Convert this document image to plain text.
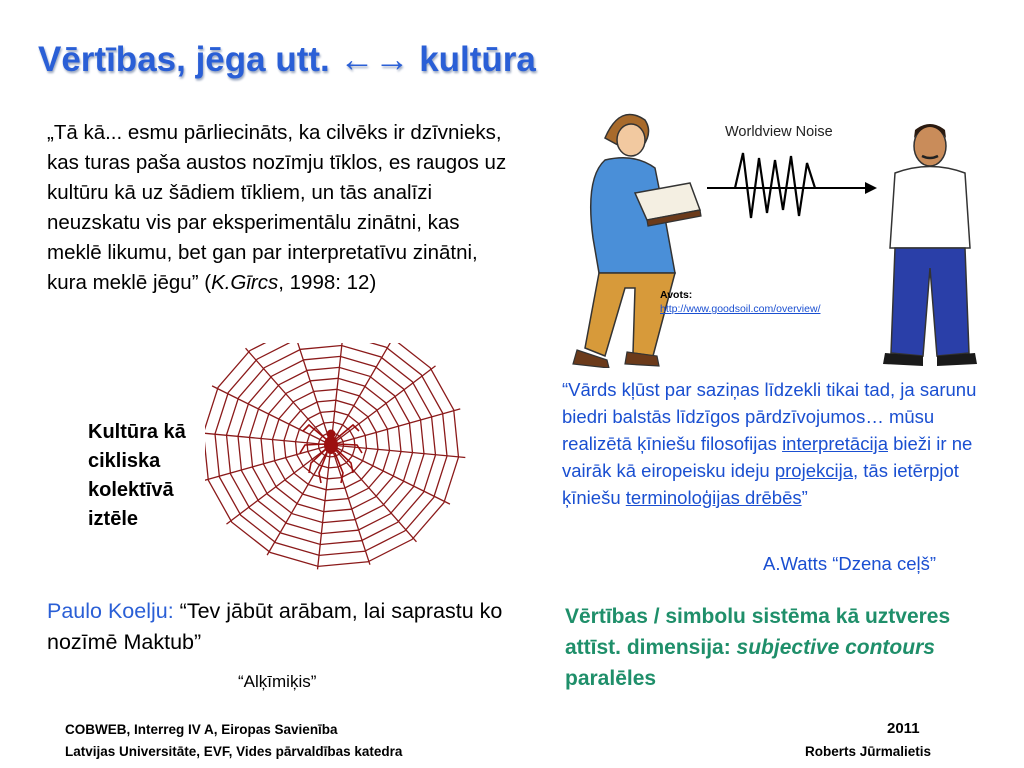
Vērtības, jēga utt. ←→ kultūra
„Tā kā... esmu pārliecināts, ka cilvēks ir dzīvnieks, kas turas paša austos nozīmju tīklos, es raugos uz kultūru kā uz šādiem tīkliem, un tās analīzi neuzskatu vis par eksperimentālu zinātni, kas meklē likumu, bet gan par interpretatīvu zinātni, kura meklē jēgu” (K.Gīrcs, 1998: 12)
Kultūra kā
cikliska
kolektīvā
iztēle
Paulo Koelju: “Tev jābūt arābam, lai saprastu ko nozīmē Maktub”
“Alķīmiķis”
Worldview Noise
Avots:
http://www.goodsoil.com/overview/
“Vārds kļūst par saziņas līdzekli tikai tad, ja sarunu biedri balstās līdzīgos pārdzīvojumos… mūsu realizētā ķīniešu filosofijas interpretācija bieži ir ne vairāk kā eiropeisku ideju projekcija, tās ietērpjot ķīniešu terminoloģijas drēbēs”
A.Watts “Dzena ceļš”
Vērtības / simbolu sistēma kā uztveres attīst. dimensija: subjective contours paralēles
COBWEB, Interreg IV A, Eiropas Savienība
Latvijas Universitāte, EVF, Vides pārvaldības katedra
2011
Roberts Jūrmalietis
